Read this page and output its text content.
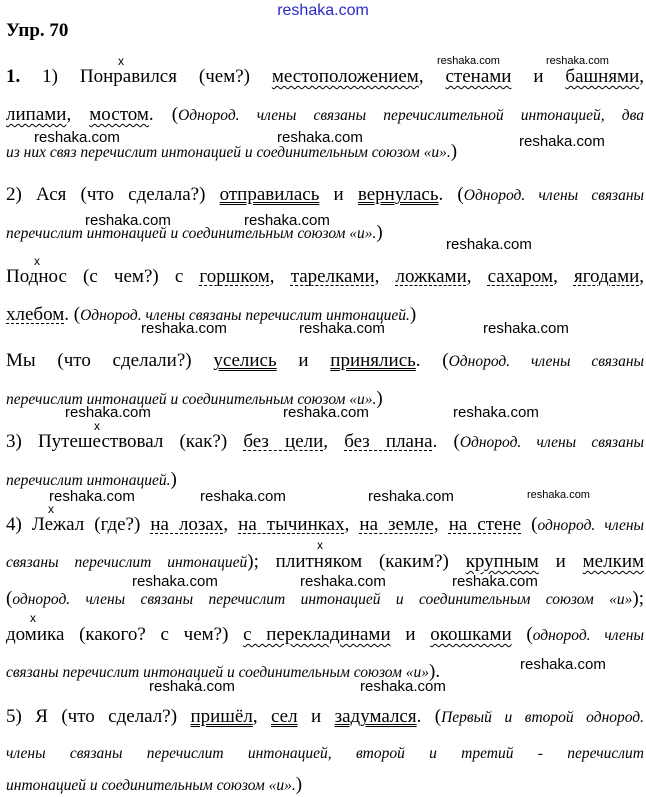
reshaka.com
Упр. 70
x
x
x
x
x
x
1. 1) Понравился (чем?) местоположением, стенами и башнями,
липами, мостом. (Однород. члены связаны перечислительной интонацией, два
из них связ перечислит интонацией и соединительным союзом «и».)
2) Ася (что сделала?) отправилась и вернулась. (Однород. члены связаны
перечислит интонацией и соединительным союзом «и».)
Поднос (с чем?) с горшком, тарелками, ложками, сахаром, ягодами,
хлебом. (Однород. члены связаны перечислит интонацией.)
Мы (что сделали?) уселись и принялись. (Однород. члены связаны
перечислит интонацией и соединительным союзом «и».)
3) Путешествовал (как?) без цели, без плана. (Однород. члены связаны
перечислит интонацией.)
4) Лежал (где?) на лозах, на тычинках, на земле, на стене (однород. члены
связаны перечислит интонацией); плитняком (каким?) крупным и мелким
(однород. члены связаны перечислит интонацией и соединительным союзом «и»);
домика (какого? с чем?) с перекладинами и окошками (однород. члены
связаны перечислит интонацией и соединительным союзом «и»).
5) Я (что сделал?) пришёл, сел и задумался. (Первый и второй однород.
члены связаны перечислит интонацией, второй и третий - перечислит
интонацией и соединительным союзом «и».)
reshaka.com	reshaka.com
reshaka.com	reshaka.com	reshaka.com
reshaka.com	reshaka.com
reshaka.com
reshaka.com	reshaka.com	reshaka.com
reshaka.com	reshaka.com	reshaka.com
reshaka.com	reshaka.com	reshaka.com	reshaka.com
reshaka.com	reshaka.com	reshaka.com
reshaka.com
reshaka.com	reshaka.com
